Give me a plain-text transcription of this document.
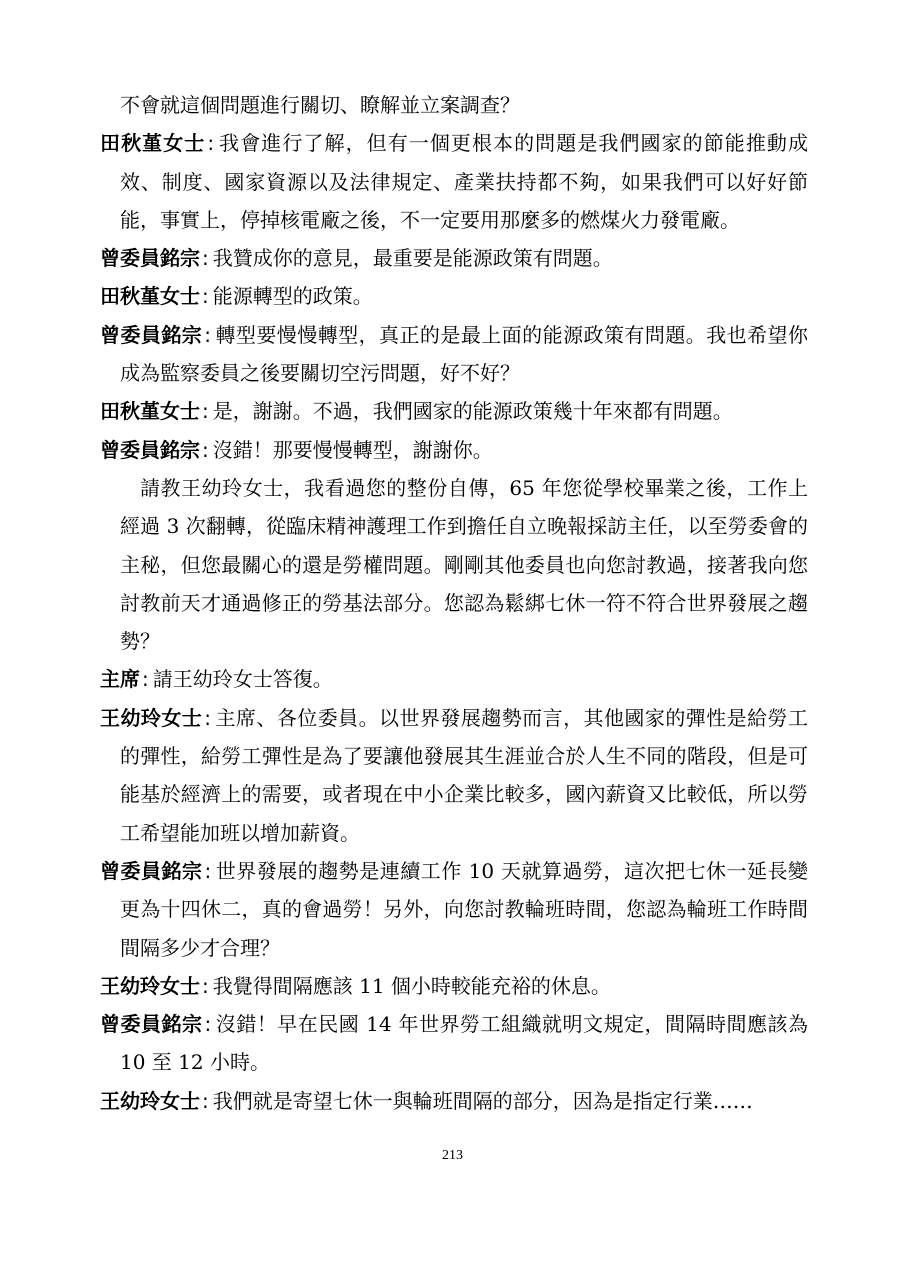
不會就這個問題進行關切、瞭解並立案調查？

田秋堇女士 : 我會進行了解，但有一個更根本的問題是我們國家的節能推動成效、制度、國家資源以及法律規定、產業扶持都不夠，如果我們可以好好節能，事實上，停掉核電廠之後，不一定要用那麼多的燃煤火力發電廠。

曾委員銘宗 : 我贊成你的意見，最重要是能源政策有問題。

田秋堇女士 : 能源轉型的政策。

曾委員銘宗 : 轉型要慢慢轉型，真正的是最上面的能源政策有問題。我也希望你成為監察委員之後要關切空污問題，好不好？

田秋堇女士 : 是，謝謝。不過，我們國家的能源政策幾十年來都有問題。

曾委員銘宗 : 沒錯！那要慢慢轉型，謝謝你。

請教王幼玲女士，我看過您的整份自傳，65 年您從學校畢業之後，工作上經過 3 次翻轉，從臨床精神護理工作到擔任自立晚報採訪主任，以至勞委會的主秘，但您最關心的還是勞權問題。剛剛其他委員也向您討教過，接著我向您討教前天才通過修正的勞基法部分。您認為鬆綁七休一符不符合世界發展之趨勢？

主席 : 請王幼玲女士答復。

王幼玲女士 : 主席、各位委員。以世界發展趨勢而言，其他國家的彈性是給勞工的彈性，給勞工彈性是為了要讓他發展其生涯並合於人生不同的階段，但是可能基於經濟上的需要，或者現在中小企業比較多，國內薪資又比較低，所以勞工希望能加班以增加薪資。

曾委員銘宗 : 世界發展的趨勢是連續工作 10 天就算過勞，這次把七休一延長變更為十四休二，真的會過勞！另外，向您討教輪班時間，您認為輪班工作時間間隔多少才合理？

王幼玲女士 : 我覺得間隔應該 11 個小時較能充裕的休息。

曾委員銘宗 : 沒錯！早在民國 14 年世界勞工組織就明文規定，間隔時間應該為 10 至 12 小時。

王幼玲女士 : 我們就是寄望七休一與輪班間隔的部分，因為是指定行業……

213
